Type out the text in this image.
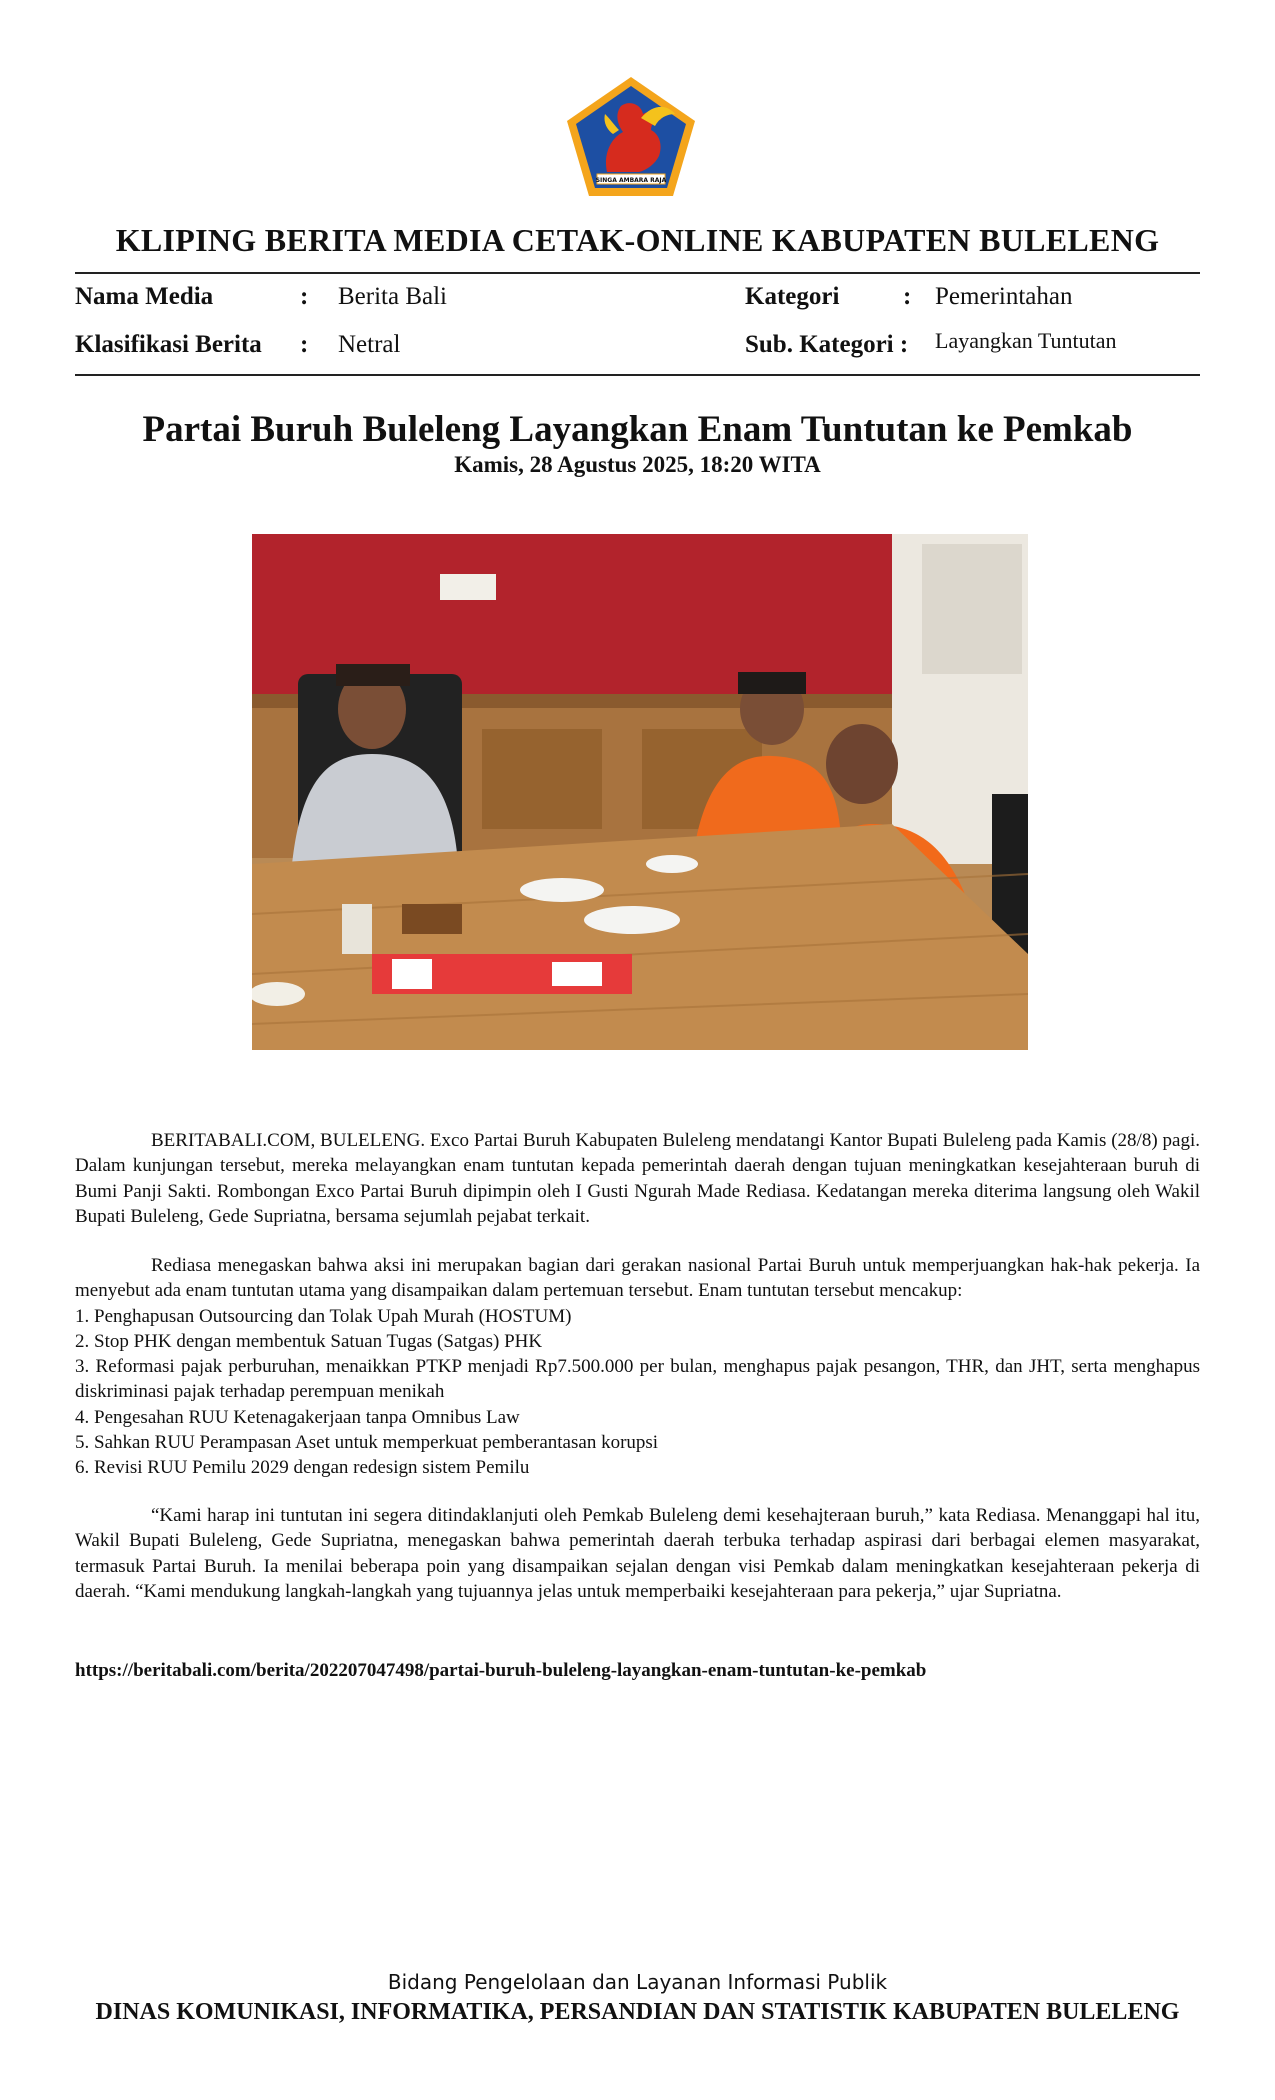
SINGA AMBARA RAJA
KLIPING BERITA MEDIA CETAK-ONLINE KABUPATEN BULELENG
Nama Media	: Berita Bali
Klasifikasi Berita : Netral
Kategori	: Pemerintahan
Sub. Kategori : Layangkan Tuntutan
Partai Buruh Buleleng Layangkan Enam Tuntutan ke Pemkab
Kamis, 28 Agustus 2025, 18:20 WITA

BERITABALI.COM, BULELENG. Exco Partai Buruh Kabupaten Buleleng mendatangi Kantor Bupati Buleleng pada Kamis (28/8) pagi. Dalam kunjungan tersebut, mereka melayangkan enam tuntutan kepada pemerintah daerah dengan tujuan meningkatkan kesejahteraan buruh di Bumi Panji Sakti. Rombongan Exco Partai Buruh dipimpin oleh I Gusti Ngurah Made Rediasa. Kedatangan mereka diterima langsung oleh Wakil Bupati Buleleng, Gede Supriatna, bersama sejumlah pejabat terkait.

Rediasa menegaskan bahwa aksi ini merupakan bagian dari gerakan nasional Partai Buruh untuk memperjuangkan hak-hak pekerja. Ia menyebut ada enam tuntutan utama yang disampaikan dalam pertemuan tersebut. Enam tuntutan tersebut mencakup:

1. Penghapusan Outsourcing dan Tolak Upah Murah (HOSTUM)

2. Stop PHK dengan membentuk Satuan Tugas (Satgas) PHK

3. Reformasi pajak perburuhan, menaikkan PTKP menjadi Rp7.500.000 per bulan, menghapus pajak pesangon, THR, dan JHT, serta menghapus diskriminasi pajak terhadap perempuan menikah

4. Pengesahan RUU Ketenagakerjaan tanpa Omnibus Law

5. Sahkan RUU Perampasan Aset untuk memperkuat pemberantasan korupsi

6. Revisi RUU Pemilu 2029 dengan redesign sistem Pemilu

“Kami harap ini tuntutan ini segera ditindaklanjuti oleh Pemkab Buleleng demi kesehajteraan buruh,” kata Rediasa. Menanggapi hal itu, Wakil Bupati Buleleng, Gede Supriatna, menegaskan bahwa pemerintah daerah terbuka terhadap aspirasi dari berbagai elemen masyarakat, termasuk Partai Buruh. Ia menilai beberapa poin yang disampaikan sejalan dengan visi Pemkab dalam meningkatkan kesejahteraan pekerja di daerah. “Kami mendukung langkah-langkah yang tujuannya jelas untuk memperbaiki kesejahteraan para pekerja,” ujar Supriatna.

https://beritabali.com/berita/202207047498/partai-buruh-buleleng-layangkan-enam-tuntutan-ke-pemkab
Bidang Pengelolaan dan Layanan Informasi Publik
DINAS KOMUNIKASI, INFORMATIKA, PERSANDIAN DAN STATISTIK KABUPATEN BULELENG
